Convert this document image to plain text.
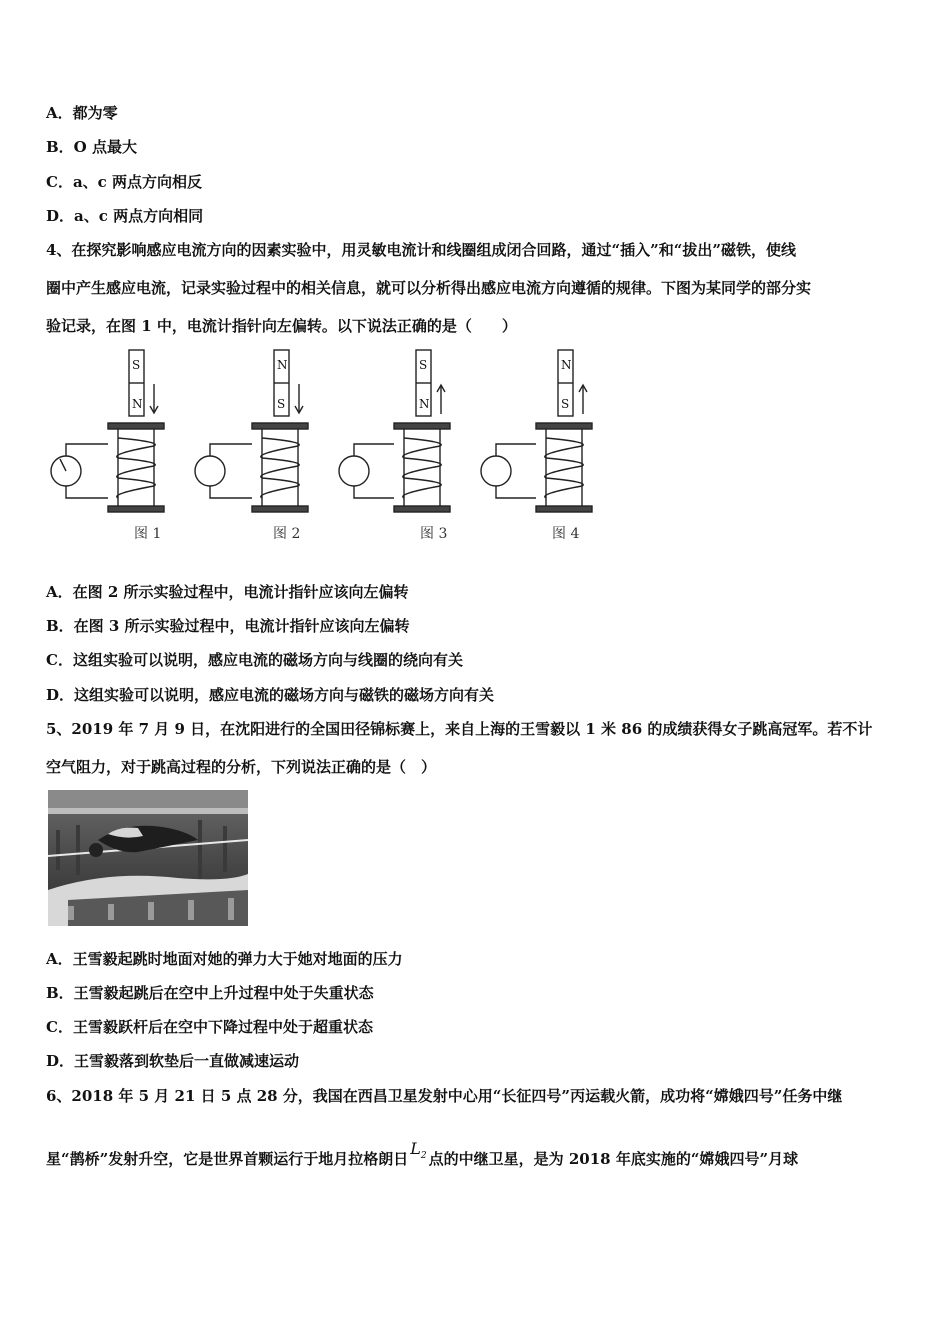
A．都为零
B．O 点最大
C．a、c 两点方向相反
D．a、c 两点方向相同
4、在探究影响感应电流方向的因素实验中，用灵敏电流计和线圈组成闭合回路，通过“插入”和“拔出”磁铁，使线
圈中产生感应电流，记录实验过程中的相关信息，就可以分析得出感应电流方向遵循的规律。下图为某同学的部分实
验记录，在图 1 中，电流计指针向左偏转。以下说法正确的是（　　）
S
N
N
S
S
N
N
S
图 1	图 2	图 3	图 4
A．在图 2 所示实验过程中，电流计指针应该向左偏转
B．在图 3 所示实验过程中，电流计指针应该向左偏转
C．这组实验可以说明，感应电流的磁场方向与线圈的绕向有关
D．这组实验可以说明，感应电流的磁场方向与磁铁的磁场方向有关
5、2019 年 7 月 9 日，在沈阳进行的全国田径锦标赛上，来自上海的王雪毅以 1 米 86 的成绩获得女子跳高冠军。若不计
空气阻力，对于跳高过程的分析，下列说法正确的是（　）
A．王雪毅起跳时地面对她的弹力大于她对地面的压力
B．王雪毅起跳后在空中上升过程中处于失重状态
C．王雪毅跃杆后在空中下降过程中处于超重状态
D．王雪毅落到软垫后一直做减速运动
6、2018 年 5 月 21 日 5 点 28 分，我国在西昌卫星发射中心用“长征四号”丙运载火箭，成功将“嫦娥四号”任务中继
星“鹊桥”发射升空，它是世界首颗运行于地月拉格朗日$L_2$ 点的中继卫星，是为 2018 年底实施的“嫦娥四号”月球
